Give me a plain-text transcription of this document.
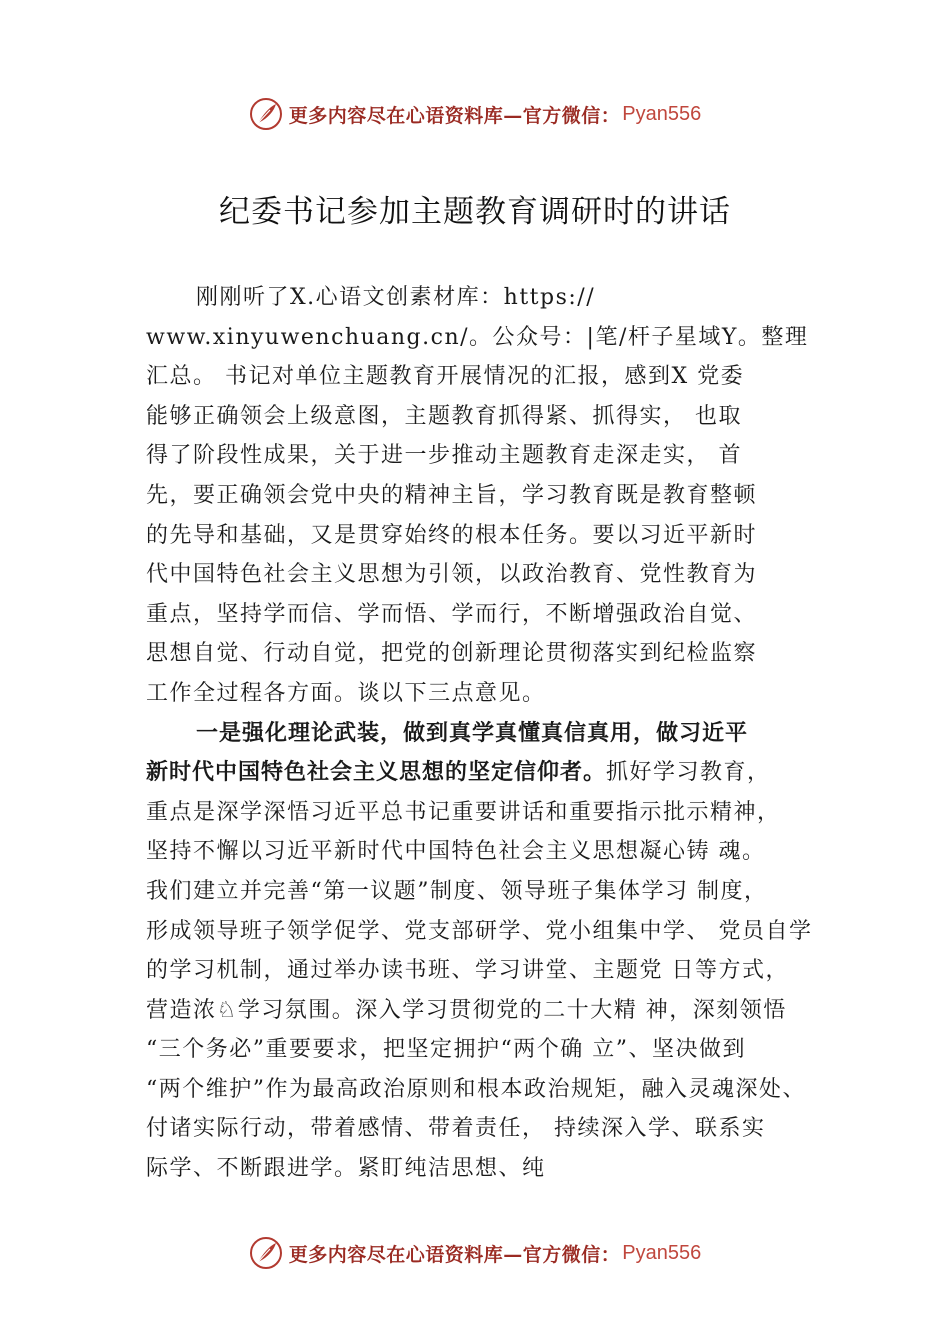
更多内容尽在心语资料库—官方微信： Pyan556
纪委书记参加主题教育调研时的讲话
刚刚听了X.心语文创素材库：https://
www.xinyuwenchuang.cn/。公众号：|笔/杆子星域Y。整理
汇总。 书记对单位主题教育开展情况的汇报，感到X 党委
能够正确领会上级意图，主题教育抓得紧、抓得实， 也取
得了阶段性成果，关于进一步推动主题教育走深走实， 首
先，要正确领会党中央的精神主旨，学习教育既是教育整顿
的先导和基础，又是贯穿始终的根本任务。要以习近平新时
代中国特色社会主义思想为引领，以政治教育、党性教育为
重点，坚持学而信、学而悟、学而行，不断增强政治自觉、
思想自觉、行动自觉，把党的创新理论贯彻落实到纪检监察
工作全过程各方面。谈以下三点意见。
一是强化理论武装，做到真学真懂真信真用，做习近平
新时代中国特色社会主义思想的坚定信仰者。抓好学习教育，
重点是深学深悟习近平总书记重要讲话和重要指示批示精神，
坚持不懈以习近平新时代中国特色社会主义思想凝心铸 魂。
我们建立并完善“第一议题”制度、领导班子集体学习 制度，
形成领导班子领学促学、党支部研学、党小组集中学、 党员自学
的学习机制，通过举办读书班、学习讲堂、主题党 日等方式，
营造浓♘学习氛围。深入学习贯彻党的二十大精 神，深刻领悟
“三个务必”重要要求，把坚定拥护“两个确 立”、坚决做到
“两个维护”作为最高政治原则和根本政治规矩，融入灵魂深处、
付诸实际行动，带着感情、带着责任， 持续深入学、联系实
际学、不断跟进学。紧盯纯洁思想、纯
更多内容尽在心语资料库—官方微信： Pyan556
